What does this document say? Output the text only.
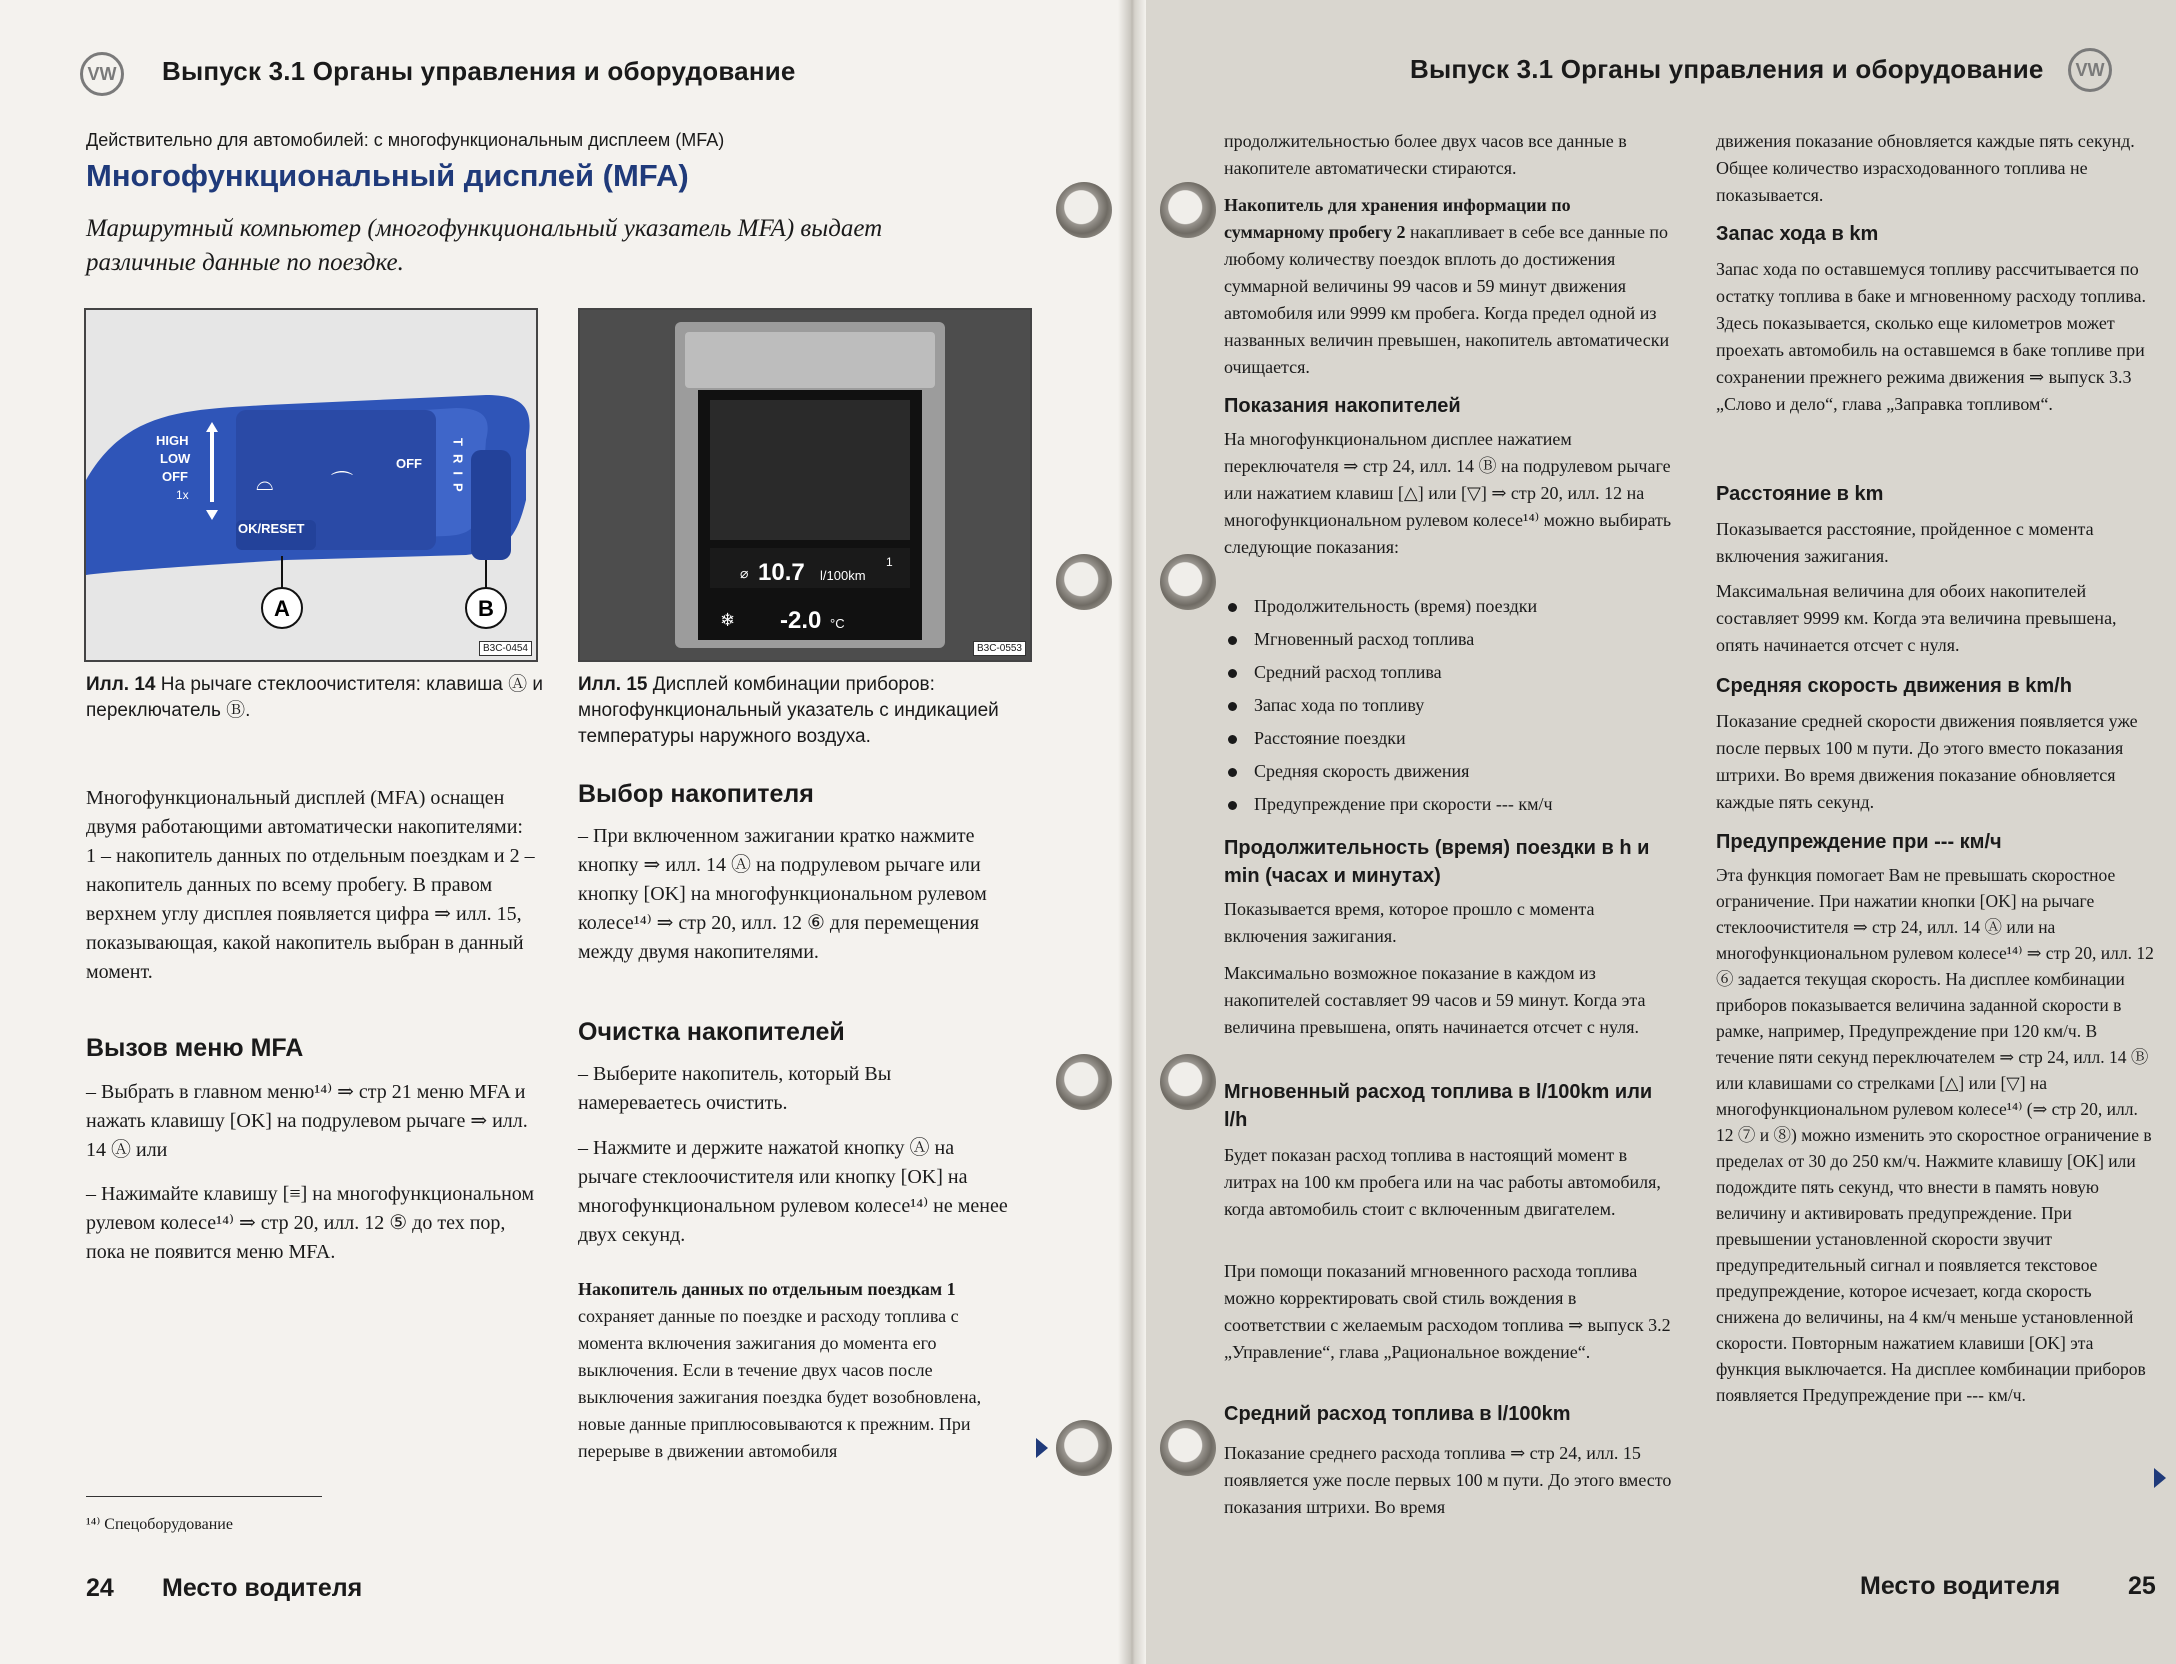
VW Выпуск 3.1 Органы управления и оборудование
Действительно для автомобилей: с многофункциональным дисплеем (MFA)
Многофункциональный дисплей (MFA)
Маршрутный компьютер (многофункциональный указатель MFA) выдает различные данные по поездке.
HIGH
LOW
OFF
1x	⌓	⌒
OFF TRIP
OK/RESET
A	B
B3C-0454
Илл. 14 На рычаге стеклоочистителя: клавиша Ⓐ и переключатель Ⓑ.
⌀ 10.7 l/100km
1
❄ -2.0 °C
B3C-0553
Илл. 15 Дисплей комбинации приборов: многофункциональный указатель с индикацией температуры наружного воздуха.
Многофункциональный дисплей (MFA) оснащен двумя работающими автоматически накопителями: 1 – накопитель данных по отдельным поездкам и 2 – накопитель данных по всему пробегу. В правом верхнем углу дисплея появляется цифра ⇒ илл. 15, показывающая, какой накопитель выбран в данный момент.
Вызов меню MFA
– Выбрать в главном меню¹⁴⁾ ⇒ стр 21 меню MFA и нажать клавишу [OK] на подрулевом рычаге ⇒ илл. 14 Ⓐ или
– Нажимайте клавишу [≡] на многофункциональном рулевом колесе¹⁴⁾ ⇒ стр 20, илл. 12 ⑤ до тех пор, пока не появится меню MFA.
Выбор накопителя
– При включенном зажигании кратко нажмите кнопку ⇒ илл. 14 Ⓐ на подрулевом рычаге или кнопку [OK] на многофункциональном рулевом колесе¹⁴⁾ ⇒ стр 20, илл. 12 ⑥ для перемещения между двумя накопителями.
Очистка накопителей
– Выберите накопитель, который Вы намереваетесь очистить.
– Нажмите и держите нажатой кнопку Ⓐ на рычаге стеклоочистителя или кнопку [OK] на многофункциональном рулевом колесе¹⁴⁾ не менее двух секунд.
Накопитель данных по отдельным поездкам 1 сохраняет данные по поездке и расходу топлива с момента включения зажигания до момента его выключения. Если в течение двух часов после выключения зажигания поездка будет возобновлена, новые данные приплюсовываются к прежним. При перерыве в движении автомобиля
¹⁴⁾ Спецоборудование
24 Место водителя
Выпуск 3.1 Органы управления и оборудование VW
продолжительностью более двух часов все данные в накопителе автоматически стираются.
Накопитель для хранения информации по суммарному пробегу 2 накапливает в себе все данные по любому количеству поездок вплоть до достижения суммарной величины 99 часов и 59 минут движения автомобиля или 9999 км пробега. Когда предел одной из названных величин превышен, накопитель автоматически очищается.
Показания накопителей
На многофункциональном дисплее нажатием переключателя ⇒ стр 24, илл. 14 Ⓑ на подрулевом рычаге или нажатием клавиш [△] или [▽] ⇒ стр 20, илл. 12 на многофункциональном рулевом колесе¹⁴⁾ можно выбирать следующие показания:
Продолжительность (время) поездки
Мгновенный расход топлива
Средний расход топлива
Запас хода по топливу
Расстояние поездки
Средняя скорость движения
Предупреждение при скорости --- км/ч
Продолжительность (время) поездки в h и min (часах и минутах)
Показывается время, которое прошло с момента включения зажигания.
Максимально возможное показание в каждом из накопителей составляет 99 часов и 59 минут. Когда эта величина превышена, опять начинается отсчет с нуля.
Мгновенный расход топлива в l/100km или l/h
Будет показан расход топлива в настоящий момент в литрах на 100 км пробега или на час работы автомобиля, когда автомобиль стоит с включенным двигателем.
При помощи показаний мгновенного расхода топлива можно корректировать свой стиль вождения в соответствии с желаемым расходом топлива ⇒ выпуск 3.2 „Управление“, глава „Рациональное вождение“.
Средний расход топлива в l/100km
Показание среднего расхода топлива ⇒ стр 24, илл. 15 появляется уже после первых 100 м пути. До этого вместо показания штрихи. Во время
движения показание обновляется каждые пять секунд. Общее количество израсходованного топлива не показывается.
Запас хода в km
Запас хода по оставшемуся топливу рассчитывается по остатку топлива в баке и мгновенному расходу топлива. Здесь показывается, сколько еще километров может проехать автомобиль на оставшемся в баке топливе при сохранении прежнего режима движения ⇒ выпуск 3.3 „Слово и дело“, глава „Заправка топливом“.
Расстояние в km
Показывается расстояние, пройденное с момента включения зажигания.
Максимальная величина для обоих накопителей составляет 9999 км. Когда эта величина превышена, опять начинается отсчет с нуля.
Средняя скорость движения в km/h
Показание средней скорости движения появляется уже после первых 100 м пути. До этого вместо показания штрихи. Во время движения показание обновляется каждые пять секунд.
Предупреждение при --- км/ч
Эта функция помогает Вам не превышать скоростное ограничение. При нажатии кнопки [OK] на рычаге стеклоочистителя ⇒ стр 24, илл. 14 Ⓐ или на многофункциональном рулевом колесе¹⁴⁾ ⇒ стр 20, илл. 12 ⑥ задается текущая скорость. На дисплее комбинации приборов показывается величина заданной скорости в рамке, например, Предупреждение при 120 км/ч. В течение пяти секунд переключателем ⇒ стр 24, илл. 14 Ⓑ или клавишами со стрелками [△] или [▽] на многофункциональном рулевом колесе¹⁴⁾ (⇒ стр 20, илл. 12 ⑦ и ⑧) можно изменить это скоростное ограничение в пределах от 30 до 250 км/ч. Нажмите клавишу [OK] или подождите пять секунд, что внести в память новую величину и активировать предупреждение. При превышении установленной скорости звучит предупредительный сигнал и появляется текстовое предупреждение, которое исчезает, когда скорость снижена до величины, на 4 км/ч меньше установленной скорости. Повторным нажатием клавиши [OK] эта функция выключается. На дисплее комбинации приборов появляется Предупреждение при --- км/ч.
Место водителя	25
